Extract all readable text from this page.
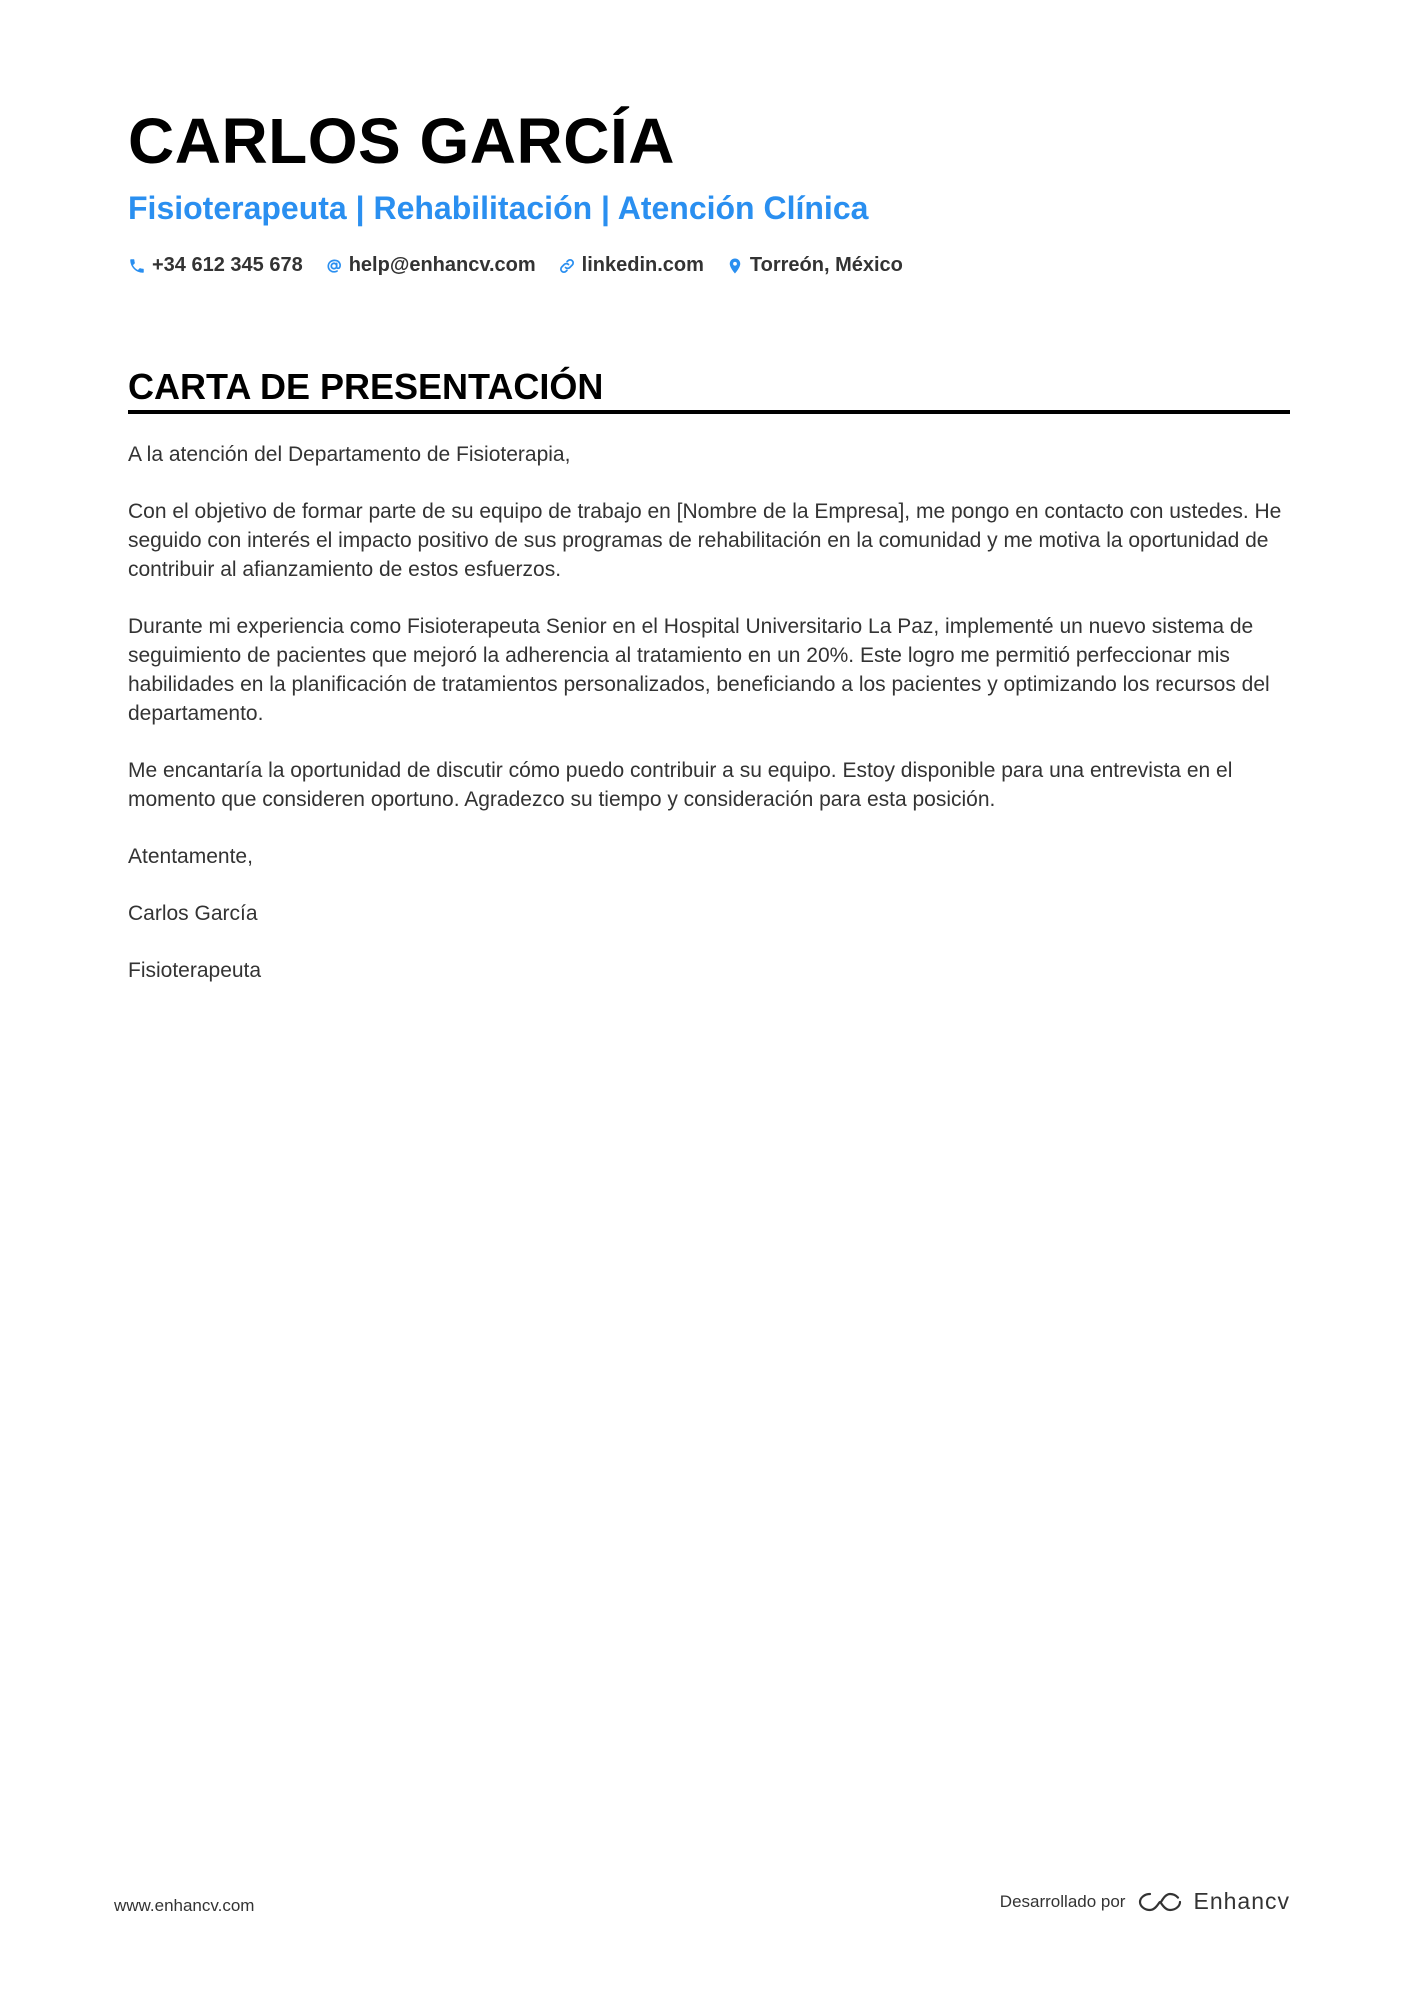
CARLOS GARCÍA
Fisioterapeuta | Rehabilitación | Atención Clínica
+34 612 345 678 help@enhancv.com linkedin.com Torreón, México
CARTA DE PRESENTACIÓN

A la atención del Departamento de Fisioterapia,

Con el objetivo de formar parte de su equipo de trabajo en [Nombre de la Empresa], me pongo en contacto con ustedes. He seguido con interés el impacto positivo de sus programas de rehabilitación en la comunidad y me motiva la oportunidad de contribuir al afianzamiento de estos esfuerzos.

Durante mi experiencia como Fisioterapeuta Senior en el Hospital Universitario La Paz, implementé un nuevo sistema de seguimiento de pacientes que mejoró la adherencia al tratamiento en un 20%. Este logro me permitió perfeccionar mis habilidades en la planificación de tratamientos personalizados, beneficiando a los pacientes y optimizando los recursos del departamento.

Me encantaría la oportunidad de discutir cómo puedo contribuir a su equipo. Estoy disponible para una entrevista en el momento que consideren oportuno. Agradezco su tiempo y consideración para esta posición.

Atentamente,

Carlos García

Fisioterapeuta

www.enhancv.com	Desarrollado por	Enhancv
